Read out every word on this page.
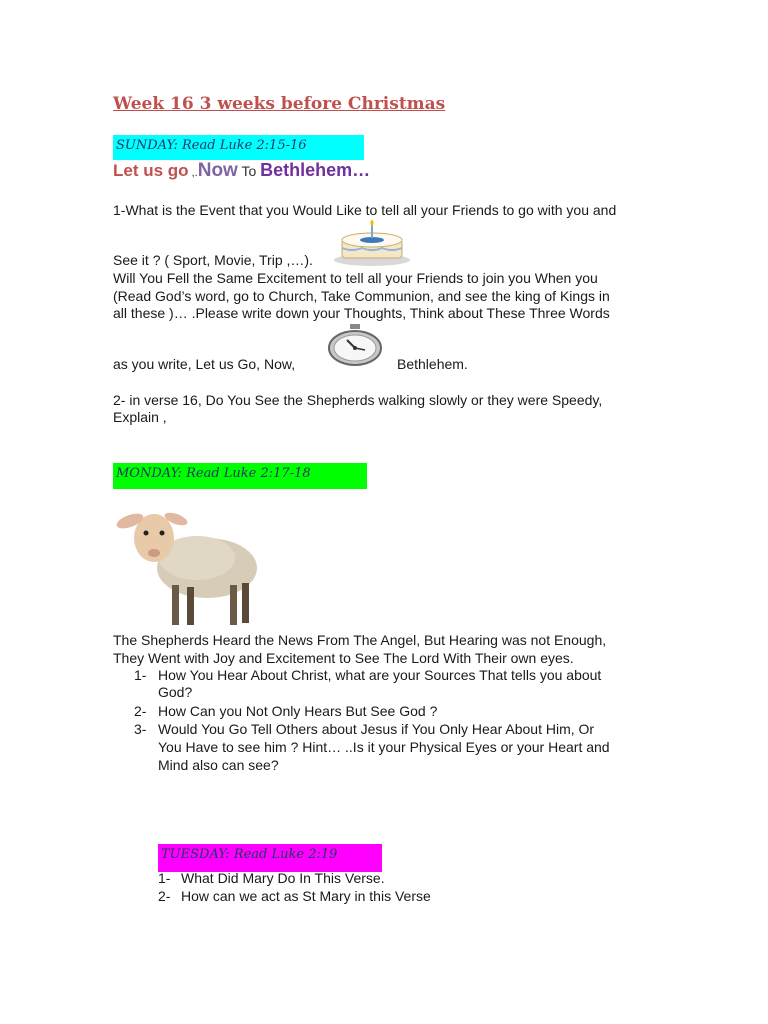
Week 16 3 weeks before Christmas
SUNDAY: Read Luke 2:15-16
Let us go ,.Now To Bethlehem…
1-What is the Event that you Would Like to tell all your Friends to go with you and
See it ? ( Sport, Movie, Trip ,…).
Will You Fell the Same Excitement to tell all your Friends to join you When you
(Read God’s word, go to Church, Take Communion, and see the king of Kings in
all these )… .Please write down your Thoughts, Think about These Three Words
as you write, Let us Go, Now,	Bethlehem.
2- in verse 16, Do You See the Shepherds walking slowly or they were Speedy,
Explain ,
MONDAY: Read Luke 2:17-18
The Shepherds Heard the News From The Angel, But Hearing was not Enough,
They Went with Joy and Excitement to See The Lord With Their own eyes.
1- How You Hear About Christ, what are your Sources That tells you about
God?
2- How Can you Not Only Hears But See God ?
3- Would You Go Tell Others about Jesus if You Only Hear About Him, Or
You Have to see him ? Hint… ..Is it your Physical Eyes or your Heart and
Mind also can see?
TUESDAY: Read Luke 2:19
1- What Did Mary Do In This Verse.
2- How can we act as St Mary in this Verse
